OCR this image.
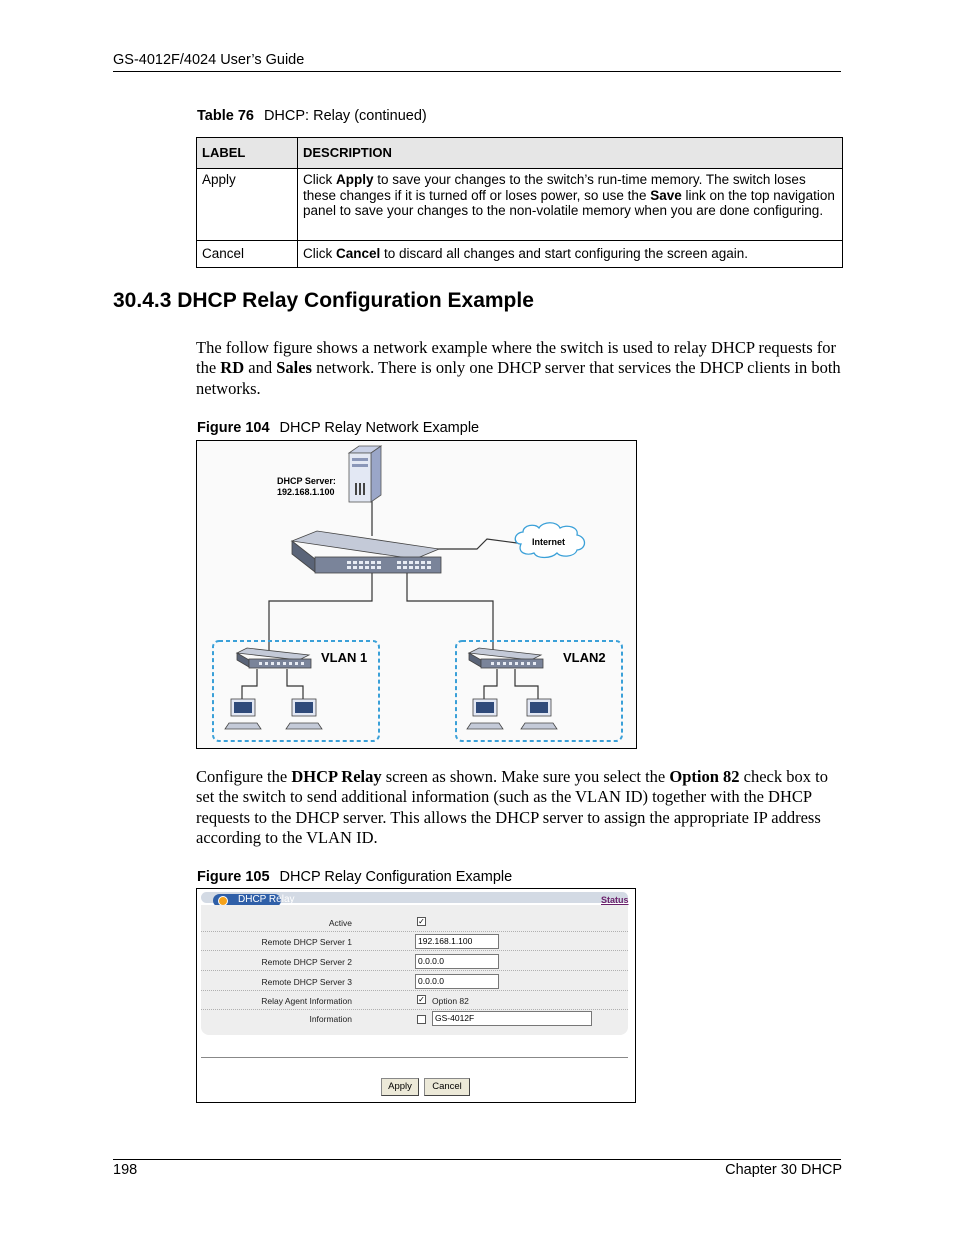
GS-4012F/4024 User’s Guide
Table 76 DHCP: Relay (continued)
LABEL	DESCRIPTION
Apply	Click Apply to save your changes to the switch’s run-time memory. The switch loses these changes if it is turned off or loses power, so use the Save link on the top navigation panel to save your changes to the non-volatile memory when you are done configuring.
Cancel	Click Cancel to discard all changes and start configuring the screen again.
30.4.3 DHCP Relay Configuration Example
The follow figure shows a network example where the switch is used to relay DHCP requests for the RD and Sales network. There is only one DHCP server that services the DHCP clients in both networks.
Figure 104 DHCP Relay Network Example
DHCP Server:
192.168.1.100
Internet
VLAN 1	VLAN2
Configure the DHCP Relay screen as shown. Make sure you select the Option 82 check box to set the switch to send additional information (such as the VLAN ID) together with the DHCP requests to the DHCP server. This allows the DHCP server to assign the appropriate IP address according to the VLAN ID.
Figure 105 DHCP Relay Configuration Example
DHCP Relay	Status
Active	✓
Remote DHCP Server 1	192.168.1.100
Remote DHCP Server 2	0.0.0.0
Remote DHCP Server 3	0.0.0.0
Relay Agent Information	✓ Option 82
Information	GS-4012F
Apply	Cancel
198	Chapter 30 DHCP
